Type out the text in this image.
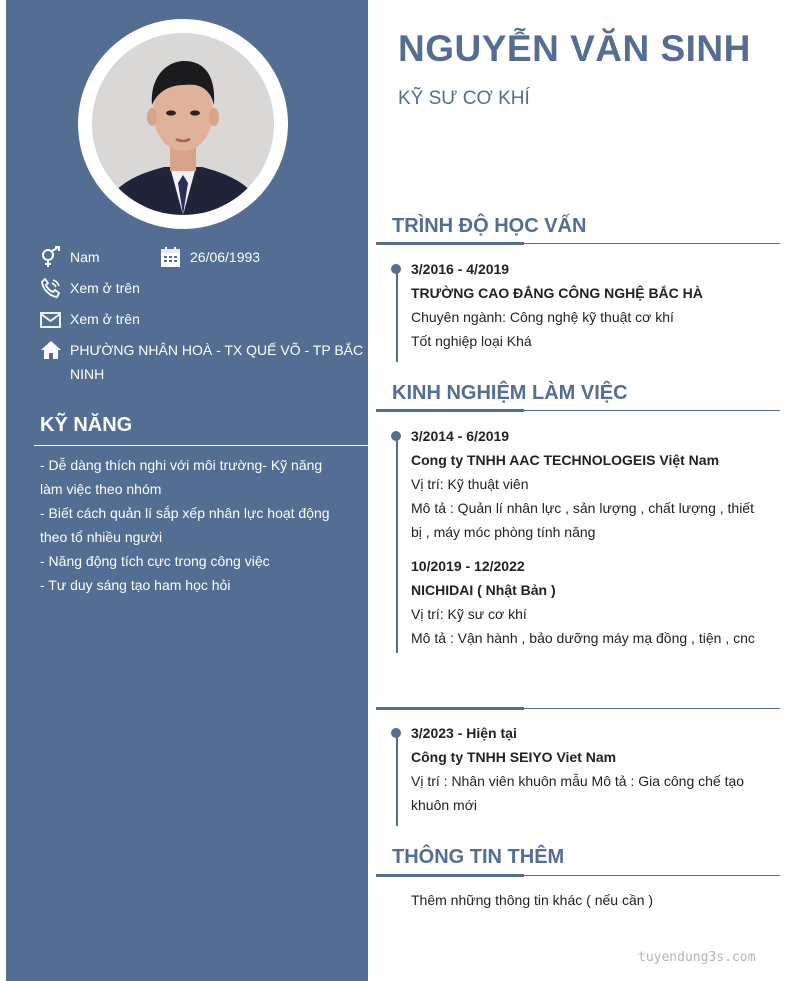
Nam	26/06/1993
Xem ở trên
Xem ở trên
PHƯỜNG NHÂN HOÀ - TX QUẾ VÕ - TP BẮC
NINH
KỸ NĂNG
- Dễ dàng thích nghi với môi trường- Kỹ năng
làm việc theo nhóm
- Biết cách quản lí sắp xếp nhân lực hoạt động
theo tổ nhiều người
- Năng động tích cực trong công việc
- Tư duy sáng tạo ham học hỏi
NGUYỄN VĂN SINH
KỸ SƯ CƠ KHÍ
TRÌNH ĐỘ HỌC VẤN
3/2016 - 4/2019
TRƯỜNG CAO ĐẲNG CÔNG NGHỆ BẮC HÀ
Chuyên ngành: Công nghệ kỹ thuật cơ khí
Tốt nghiệp loại Khá
KINH NGHIỆM LÀM VIỆC
3/2014 - 6/2019
Cong ty TNHH AAC TECHNOLOGEIS Việt Nam
Vị trí: Kỹ thuật viên
Mô tả : Quản lí nhân lực , sản lượng , chất lượng , thiết
bị , máy móc phòng tính năng
10/2019 - 12/2022
NICHIDAI ( Nhật Bản )
Vị trí: Kỹ sư cơ khí
Mô tả : Vận hành , bảo dưỡng máy mạ đồng , tiện , cnc
3/2023 - Hiện tại
Công ty TNHH SEIYO Viet Nam
Vị trí : Nhân viên khuôn mẫu Mô tả : Gia công chế tạo
khuôn mới
THÔNG TIN THÊM
Thêm những thông tin khác ( nếu cần )
tuyendung3s.com
